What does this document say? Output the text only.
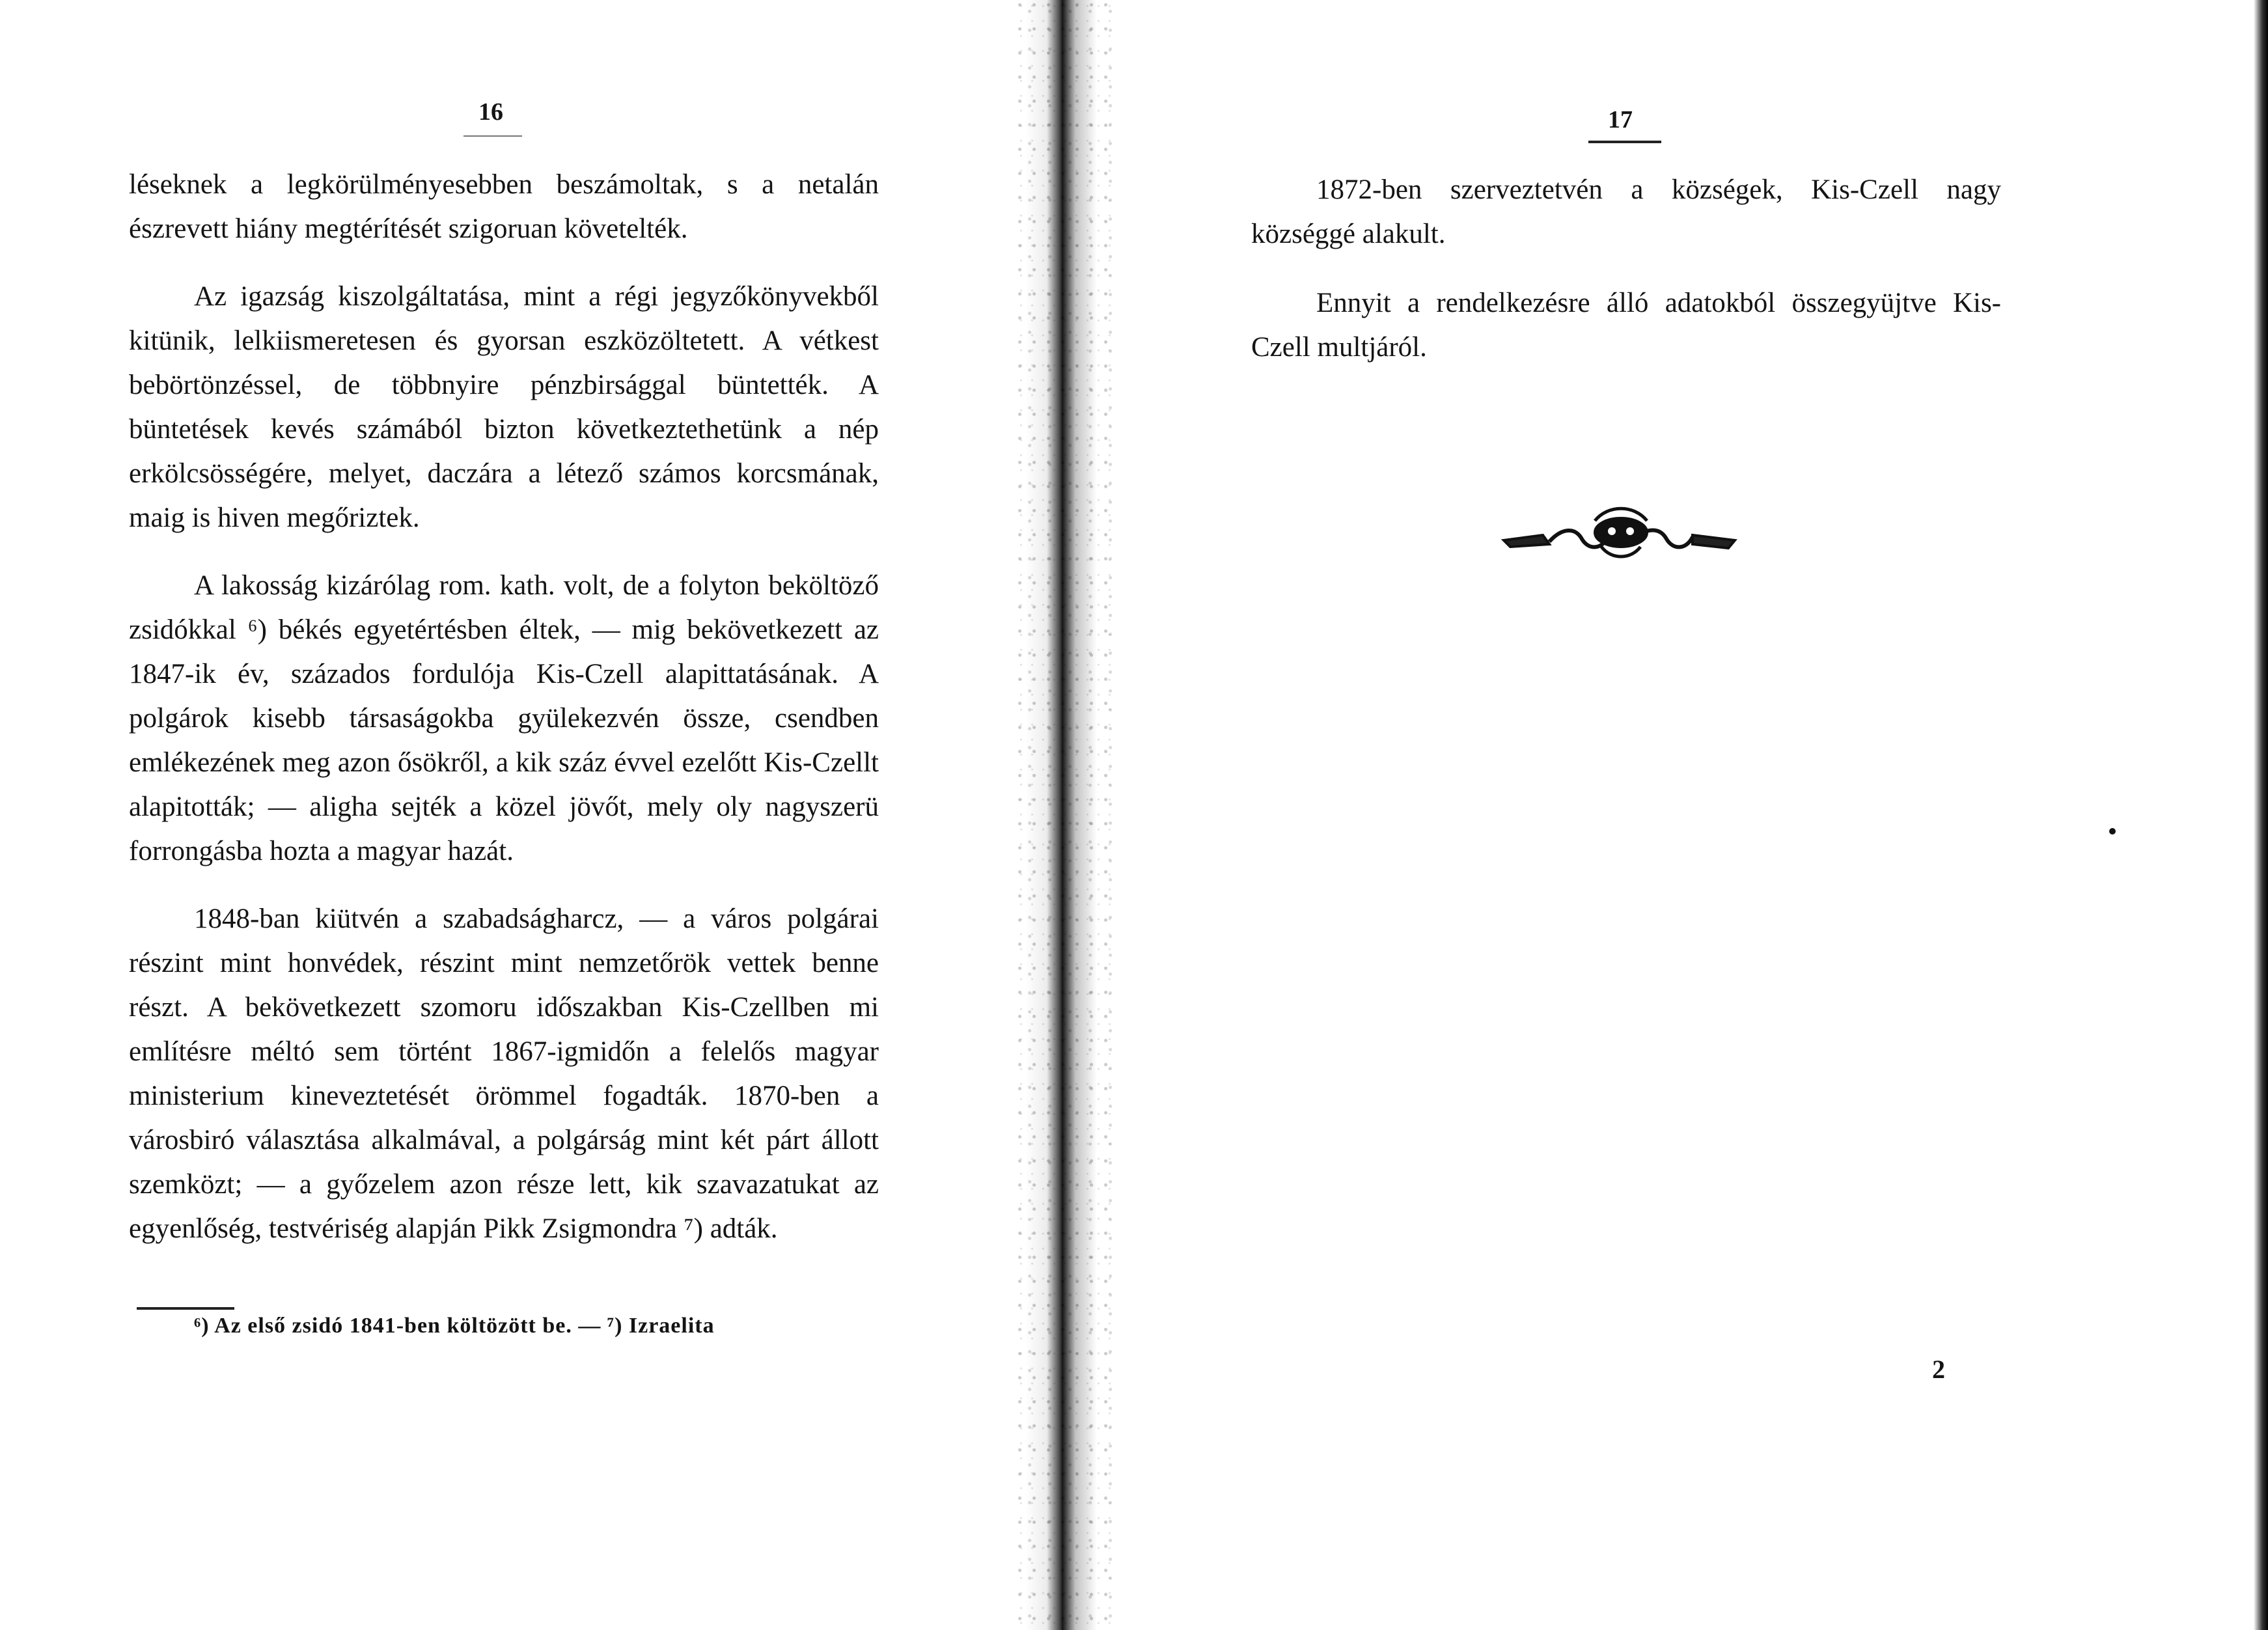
16

léseknek a legkörülményesebben beszámoltak, s a netalán észrevett hiány megtérítését szigoruan követelték.

Az igazság kiszolgáltatása, mint a régi jegyzőkönyvekből kitünik, lelkiismeretesen és gyorsan eszközöltetett. A vétkest bebörtönzéssel, de többnyire pénzbirsággal büntették. A büntetések kevés számából bizton következtethetünk a nép erkölcsösségére, melyet, daczára a létező számos korcsmának, maig is hiven megőriztek.

A lakosság kizárólag rom. kath. volt, de a folyton beköltöző zsidókkal ⁶) békés egyetértésben éltek, — mig bekövetkezett az 1847-ik év, százados fordulója Kis-Czell alapittatásának. A polgárok kisebb társaságokba gyülekezvén össze, csendben emlékezének meg azon ősökről, a kik száz évvel ezelőtt Kis-Czellt alapitották; — aligha sejték a közel jövőt, mely oly nagyszerü forrongásba hozta a magyar hazát.

1848-ban kiütvén a szabadságharcz, — a város polgárai részint mint honvédek, részint mint nemzetőrök vettek benne részt. A bekövetkezett szomoru időszakban Kis-Czellben mi említésre méltó sem történt 1867-igmidőn a felelős magyar ministerium kineveztetését örömmel fogadták. 1870-ben a városbiró választása alkalmával, a polgárság mint két párt állott szemközt; — a győzelem azon része lett, kik szavazatukat az egyenlőség, testvériség alapján Pikk Zsigmondra ⁷) adták.

⁶) Az első zsidó 1841-ben költözött be. — ⁷) Izraelita
17

1872-ben szerveztetvén a községek, Kis-Czell nagy községgé alakult.

Ennyit a rendelkezésre álló adatokból összegyüjtve Kis-Czell multjáról.

2
